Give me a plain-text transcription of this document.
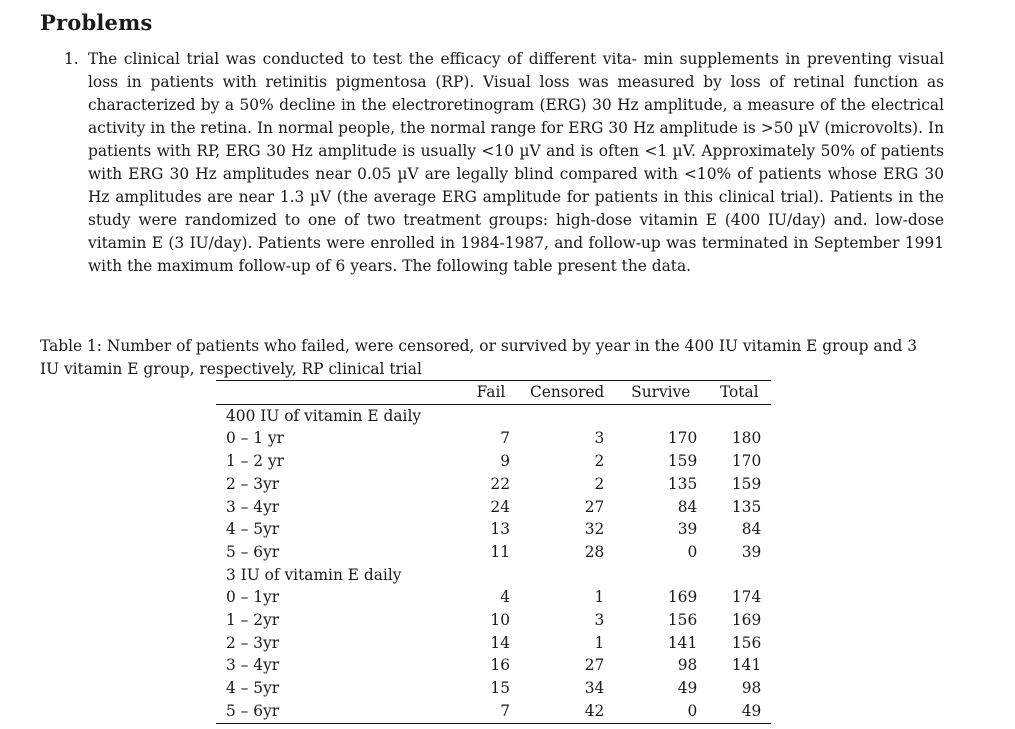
Problems
1. The clinical trial was conducted to test the efficacy of different vita- min supplements in preventing visual loss in patients with retinitis pigmentosa (RP). Visual loss was measured by loss of retinal function as characterized by a 50% decline in the electroretinogram (ERG) 30 Hz amplitude, a measure of the electrical activity in the retina. In normal people, the normal range for ERG 30 Hz amplitude is >50 µV (microvolts). In patients with RP, ERG 30 Hz amplitude is usually <10 µV and is often <1 µV. Approximately 50% of patients with ERG 30 Hz amplitudes near 0.05 µV are legally blind compared with <10% of patients whose ERG 30 Hz amplitudes are near 1.3 µV (the average ERG amplitude for patients in this clinical trial). Patients in the study were randomized to one of two treatment groups: high-dose vitamin E (400 IU/day) and. low-dose vitamin E (3 IU/day). Patients were enrolled in 1984-1987, and follow-up was terminated in September 1991 with the maximum follow-up of 6 years. The following table present the data.
Table 1: Number of patients who failed, were censored, or survived by year in the 400 IU vitamin E group and 3 IU vitamin E group, respectively, RP clinical trial
	Fail	Censored	Survive	Total
400 IU of vitamin E daily				
0 – 1 yr	7	3	170	180
1 – 2 yr	9	2	159	170
2 – 3yr	22	2	135	159
3 – 4yr	24	27	84	135
4 – 5yr	13	32	39	84
5 – 6yr	11	28	0	39
3 IU of vitamin E daily				
0 – 1yr	4	1	169	174
1 – 2yr	10	3	156	169
2 – 3yr	14	1	141	156
3 – 4yr	16	27	98	141
4 – 5yr	15	34	49	98
5 – 6yr	7	42	0	49
